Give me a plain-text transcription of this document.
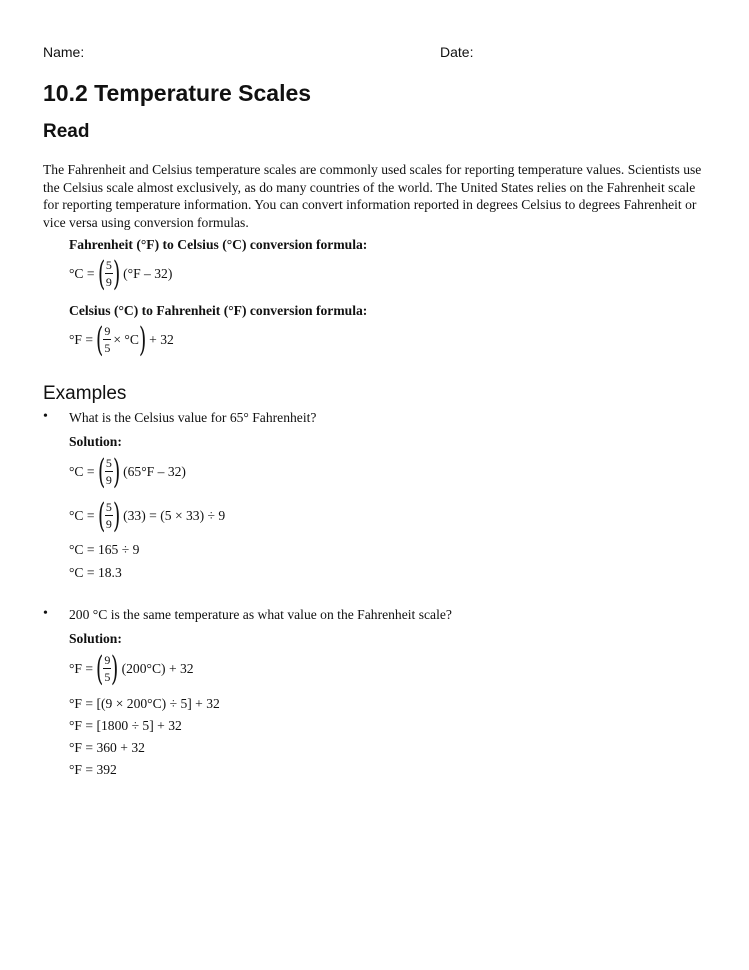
Name:	Date:
10.2 Temperature Scales
Read

The Fahrenheit and Celsius temperature scales are commonly used scales for reporting temperature values. Scientists use the Celsius scale almost exclusively, as do many countries of the world. The United States relies on the Fahrenheit scale for reporting temperature information. You can convert information reported in degrees Celsius to degrees Fahrenheit or vice versa using conversion formulas.

Fahrenheit (°F) to Celsius (°C) conversion formula:
°C = ( $\frac{5}{9}$ ) (°F – 32)
Celsius (°C) to Fahrenheit (°F) conversion formula:
°F = ( $\frac{9}{5} \times ^\circ C$ ) + 32
Examples
• What is the Celsius value for 65° Fahrenheit?
Solution:
°C = ( $\frac{5}{9}$ ) (65°F – 32)
°C = ( $\frac{5}{9}$ ) (33) = (5 × 33) ÷ 9
°C = 165 ÷ 9
°C = 18.3
• 200 °C is the same temperature as what value on the Fahrenheit scale?
Solution:
°F = ( $\frac{9}{5}$ ) (200°C) + 32
°F = [(9 × 200°C) ÷ 5] + 32
°F = [1800 ÷ 5] + 32
°F = 360 + 32
°F = 392
